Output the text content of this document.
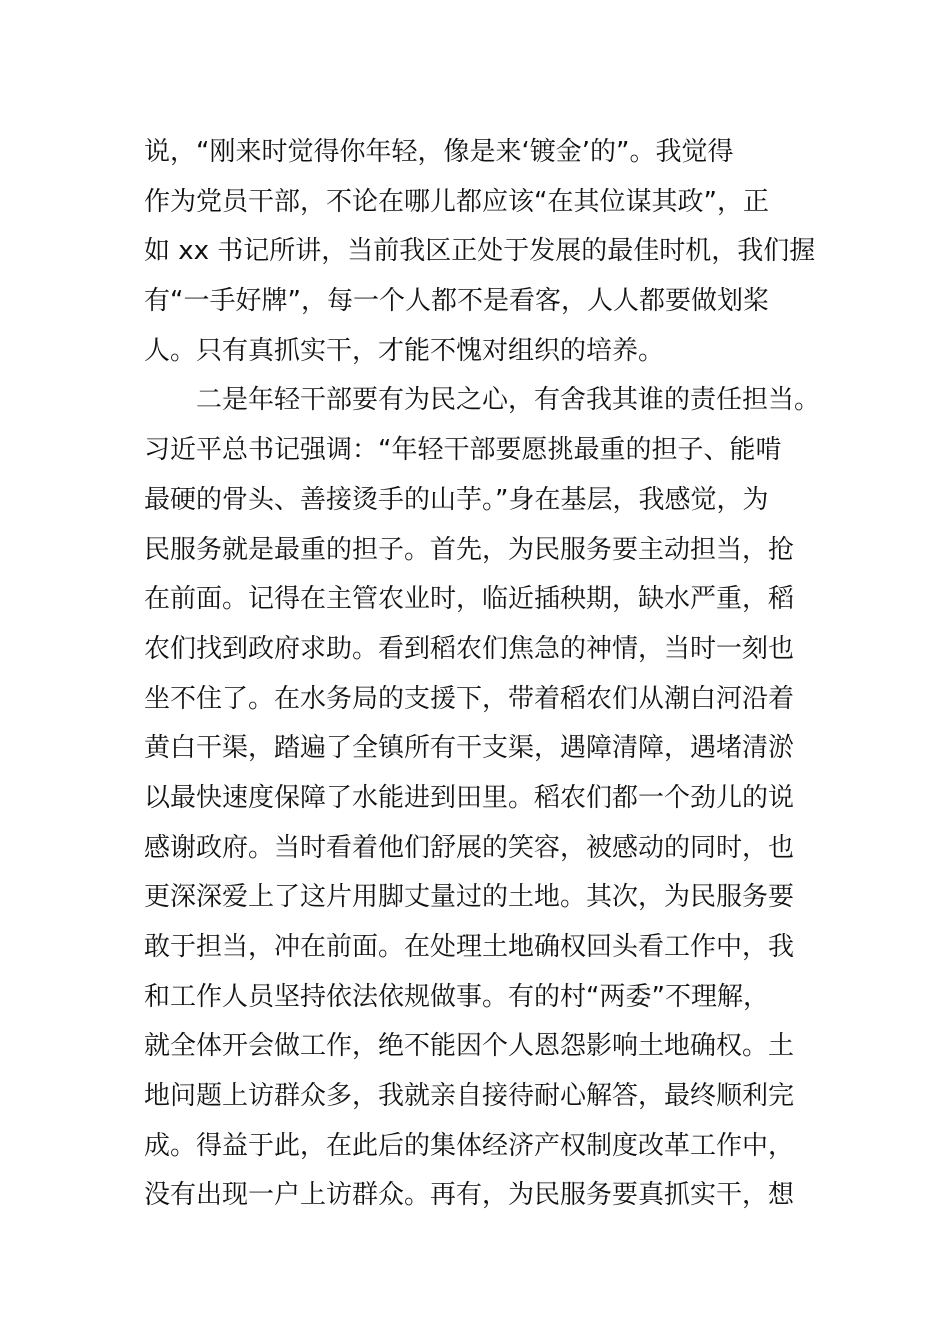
说，“刚来时觉得你年轻，像是来‘镀金’的”。我觉得
作为党员干部，不论在哪儿都应该“在其位谋其政”，正
如 xx 书记所讲，当前我区正处于发展的最佳时机，我们握
有“一手好牌”，每一个人都不是看客，人人都要做划桨
人。只有真抓实干，才能不愧对组织的培养。
二是年轻干部要有为民之心，有舍我其谁的责任担当。
习近平总书记强调：“年轻干部要愿挑最重的担子、能啃
最硬的骨头、善接烫手的山芋。”身在基层，我感觉，为
民服务就是最重的担子。首先，为民服务要主动担当，抢
在前面。记得在主管农业时，临近插秧期，缺水严重，稻
农们找到政府求助。看到稻农们焦急的神情，当时一刻也
坐不住了。在水务局的支援下，带着稻农们从潮白河沿着
黄白干渠，踏遍了全镇所有干支渠，遇障清障，遇堵清淤
以最快速度保障了水能进到田里。稻农们都一个劲儿的说
感谢政府。当时看着他们舒展的笑容，被感动的同时，也
更深深爱上了这片用脚丈量过的土地。其次，为民服务要
敢于担当，冲在前面。在处理土地确权回头看工作中，我
和工作人员坚持依法依规做事。有的村“两委”不理解，
就全体开会做工作，绝不能因个人恩怨影响土地确权。土
地问题上访群众多，我就亲自接待耐心解答，最终顺利完
成。得益于此，在此后的集体经济产权制度改革工作中，
没有出现一户上访群众。再有，为民服务要真抓实干，想
